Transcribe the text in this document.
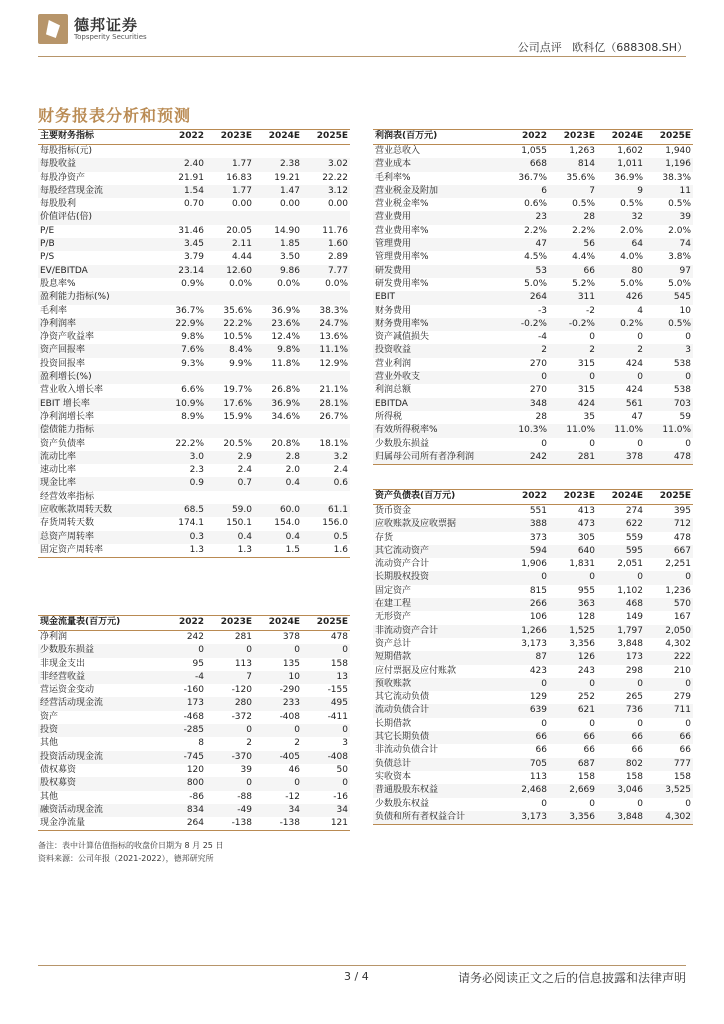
德邦证券
Topsperity Securities
公司点评 欧科亿（688308.SH）
财务报表分析和预测
主要财务指标	2022	2023E	2024E	2025E
每股指标(元)				
每股收益	2.40	1.77	2.38	3.02
每股净资产	21.91	16.83	19.21	22.22
每股经营现金流	1.54	1.77	1.47	3.12
每股股利	0.70	0.00	0.00	0.00
价值评估(倍)				
P/E	31.46	20.05	14.90	11.76
P/B	3.45	2.11	1.85	1.60
P/S	3.79	4.44	3.50	2.89
EV/EBITDA	23.14	12.60	9.86	7.77
股息率%	0.9%	0.0%	0.0%	0.0%
盈利能力指标(%)				
毛利率	36.7%	35.6%	36.9%	38.3%
净利润率	22.9%	22.2%	23.6%	24.7%
净资产收益率	9.8%	10.5%	12.4%	13.6%
资产回报率	7.6%	8.4%	9.8%	11.1%
投资回报率	9.3%	9.9%	11.8%	12.9%
盈利增长(%)				
营业收入增长率	6.6%	19.7%	26.8%	21.1%
EBIT 增长率	10.9%	17.6%	36.9%	28.1%
净利润增长率	8.9%	15.9%	34.6%	26.7%
偿债能力指标				
资产负债率	22.2%	20.5%	20.8%	18.1%
流动比率	3.0	2.9	2.8	3.2
速动比率	2.3	2.4	2.0	2.4
现金比率	0.9	0.7	0.4	0.6
经营效率指标				
应收帐款周转天数	68.5	59.0	60.0	61.1
存货周转天数	174.1	150.1	154.0	156.0
总资产周转率	0.3	0.4	0.4	0.5
固定资产周转率	1.3	1.3	1.5	1.6
利润表(百万元)	2022	2023E	2024E	2025E
营业总收入	1,055	1,263	1,602	1,940
营业成本	668	814	1,011	1,196
毛利率%	36.7%	35.6%	36.9%	38.3%
营业税金及附加	6	7	9	11
营业税金率%	0.6%	0.5%	0.5%	0.5%
营业费用	23	28	32	39
营业费用率%	2.2%	2.2%	2.0%	2.0%
管理费用	47	56	64	74
管理费用率%	4.5%	4.4%	4.0%	3.8%
研发费用	53	66	80	97
研发费用率%	5.0%	5.2%	5.0%	5.0%
EBIT	264	311	426	545
财务费用	-3	-2	4	10
财务费用率%	-0.2%	-0.2%	0.2%	0.5%
资产减值损失	-4	0	0	0
投资收益	2	2	2	3
营业利润	270	315	424	538
营业外收支	0	0	0	0
利润总额	270	315	424	538
EBITDA	348	424	561	703
所得税	28	35	47	59
有效所得税率%	10.3%	11.0%	11.0%	11.0%
少数股东损益	0	0	0	0
归属母公司所有者净利润	242	281	378	478
资产负债表(百万元)	2022	2023E	2024E	2025E
货币资金	551	413	274	395
应收账款及应收票据	388	473	622	712
存货	373	305	559	478
其它流动资产	594	640	595	667
流动资产合计	1,906	1,831	2,051	2,251
长期股权投资	0	0	0	0
固定资产	815	955	1,102	1,236
在建工程	266	363	468	570
无形资产	106	128	149	167
非流动资产合计	1,266	1,525	1,797	2,050
资产总计	3,173	3,356	3,848	4,302
短期借款	87	126	173	222
应付票据及应付账款	423	243	298	210
预收账款	0	0	0	0
其它流动负债	129	252	265	279
流动负债合计	639	621	736	711
长期借款	0	0	0	0
其它长期负债	66	66	66	66
非流动负债合计	66	66	66	66
负债总计	705	687	802	777
实收资本	113	158	158	158
普通股股东权益	2,468	2,669	3,046	3,525
少数股东权益	0	0	0	0
负债和所有者权益合计	3,173	3,356	3,848	4,302
现金流量表(百万元)	2022	2023E	2024E	2025E
净利润	242	281	378	478
少数股东损益	0	0	0	0
非现金支出	95	113	135	158
非经营收益	-4	7	10	13
营运资金变动	-160	-120	-290	-155
经营活动现金流	173	280	233	495
资产	-468	-372	-408	-411
投资	-285	0	0	0
其他	8	2	2	3
投资活动现金流	-745	-370	-405	-408
债权募资	120	39	46	50
股权募资	800	0	0	0
其他	-86	-88	-12	-16
融资活动现金流	834	-49	34	34
现金净流量	264	-138	-138	121
备注：表中计算估值指标的收盘价日期为 8 月 25 日
资料来源：公司年报（2021-2022），德邦研究所
3 / 4	请务必阅读正文之后的信息披露和法律声明
